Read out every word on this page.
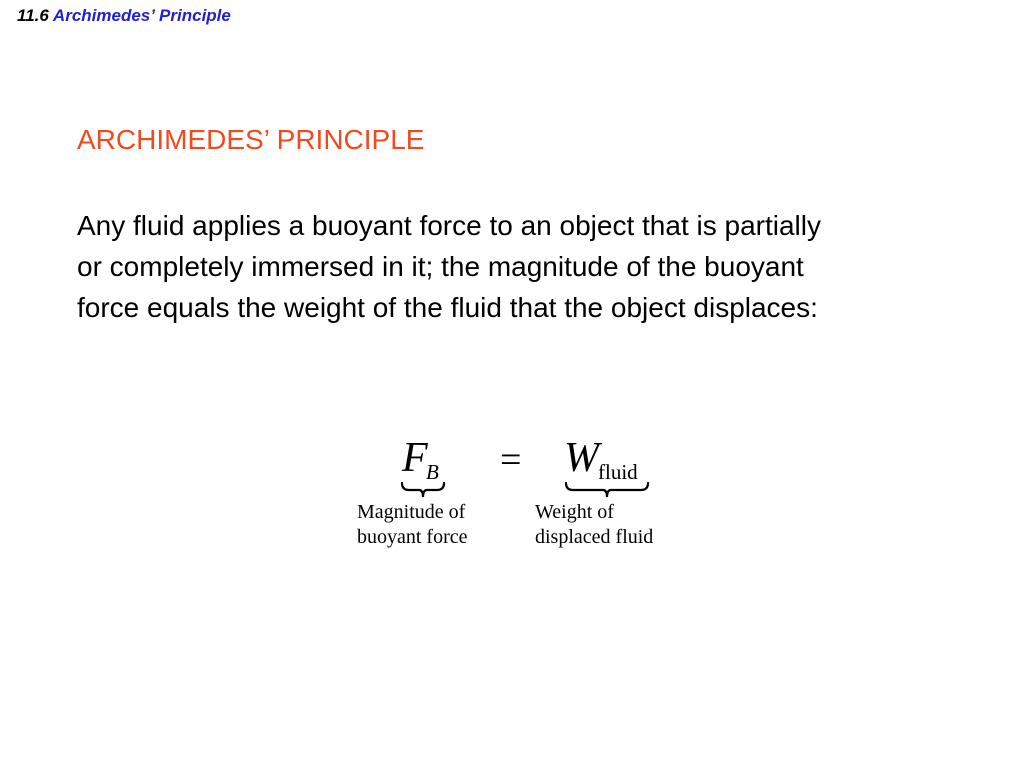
11.6 Archimedes’ Principle
ARCHIMEDES’ PRINCIPLE
Any fluid applies a buoyant force to an object that is partially
or completely immersed in it; the magnitude of the buoyant
force equals the weight of the fluid that the object displaces:
F
B = W fluid
Magnitude of
buoyant force
Weight of
displaced fluid
